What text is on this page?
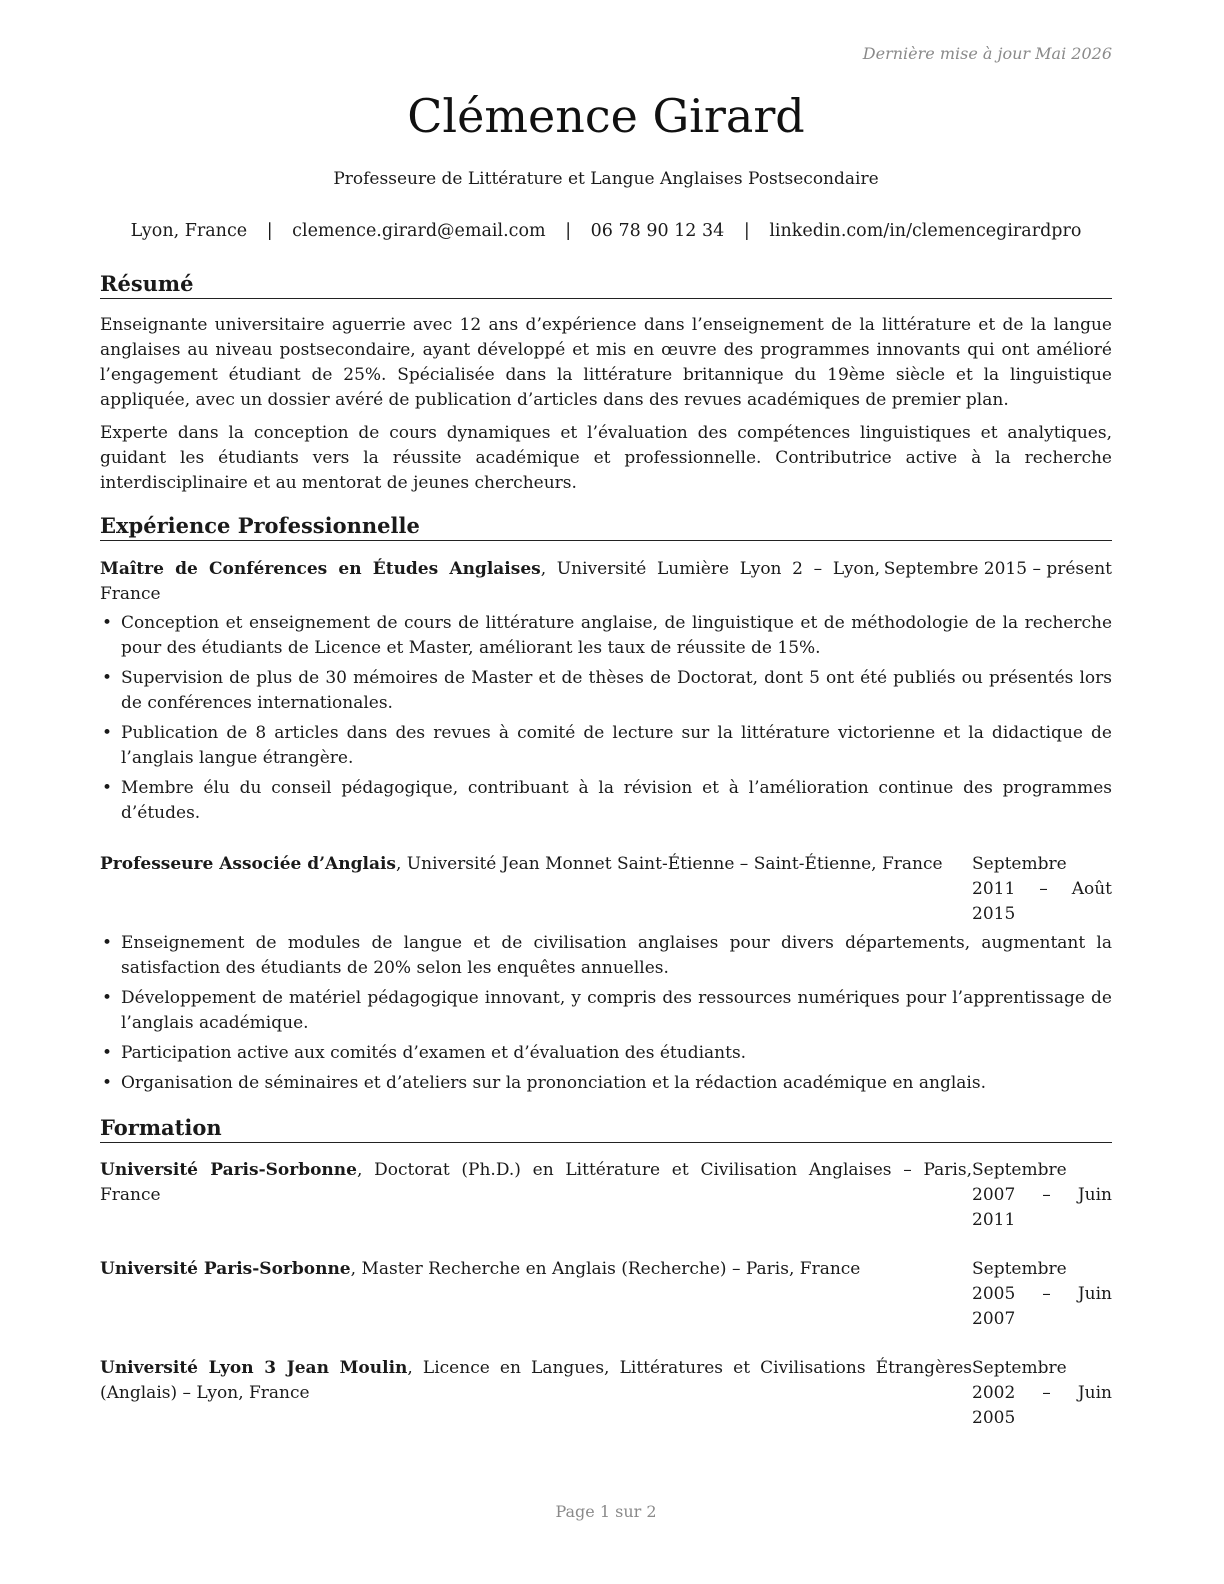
Dernière mise à jour Mai 2026
Clémence Girard
Professeure de Littérature et Langue Anglaises Postsecondaire
Lyon, France | clemence.girard@email.com | 06 78 90 12 34 | linkedin.com/in/clemencegirardpro
Résumé

Enseignante universitaire aguerrie avec 12 ans d’expérience dans l’enseignement de la littérature et de la langue anglaises au niveau postsecondaire, ayant développé et mis en œuvre des programmes innovants qui ont amélioré l’engagement étudiant de 25%. Spécialisée dans la littérature britannique du 19ème siècle et la linguistique appliquée, avec un dossier avéré de publication d’articles dans des revues académiques de premier plan.

Experte dans la conception de cours dynamiques et l’évaluation des compétences linguistiques et analytiques, guidant les étudiants vers la réussite académique et professionnelle. Contributrice active à la recherche interdisciplinaire et au mentorat de jeunes chercheurs.

Expérience Professionnelle
Maître de Conférences en Études Anglaises, Université Lumière Lyon 2 – Lyon, France
Septembre 2015 – présent
• Conception et enseignement de cours de littérature anglaise, de linguistique et de méthodologie de la recherche pour des étudiants de Licence et Master, améliorant les taux de réussite de 15%.
• Supervision de plus de 30 mémoires de Master et de thèses de Doctorat, dont 5 ont été publiés ou présentés lors de conférences internationales.
• Publication de 8 articles dans des revues à comité de lecture sur la littérature victorienne et la didactique de l’anglais langue étrangère.
• Membre élu du conseil pédagogique, contribuant à la révision et à l’amélioration continue des programmes d’études.
Professeure Associée d’Anglais, Université Jean Monnet Saint-Étienne – Saint-Étienne, France	Septembre 2011 – Août 2015
• Enseignement de modules de langue et de civilisation anglaises pour divers départements, augmentant la satisfaction des étudiants de 20% selon les enquêtes annuelles.
• Développement de matériel pédagogique innovant, y compris des ressources numériques pour l’apprentissage de l’anglais académique.
• Participation active aux comités d’examen et d’évaluation des étudiants.
• Organisation de séminaires et d’ateliers sur la prononciation et la rédaction académique en anglais.
Formation
Université Paris-Sorbonne, Doctorat (Ph.D.) en Littérature et Civilisation Anglaises – Paris, France
Septembre 2007 – Juin 2011
Université Paris-Sorbonne, Master Recherche en Anglais (Recherche) – Paris, France	Septembre 2005 – Juin 2007
Université Lyon 3 Jean Moulin, Licence en Langues, Littératures et Civilisations Étrangères (Anglais) – Lyon, France
Septembre 2002 – Juin 2005
Page 1 sur 2
